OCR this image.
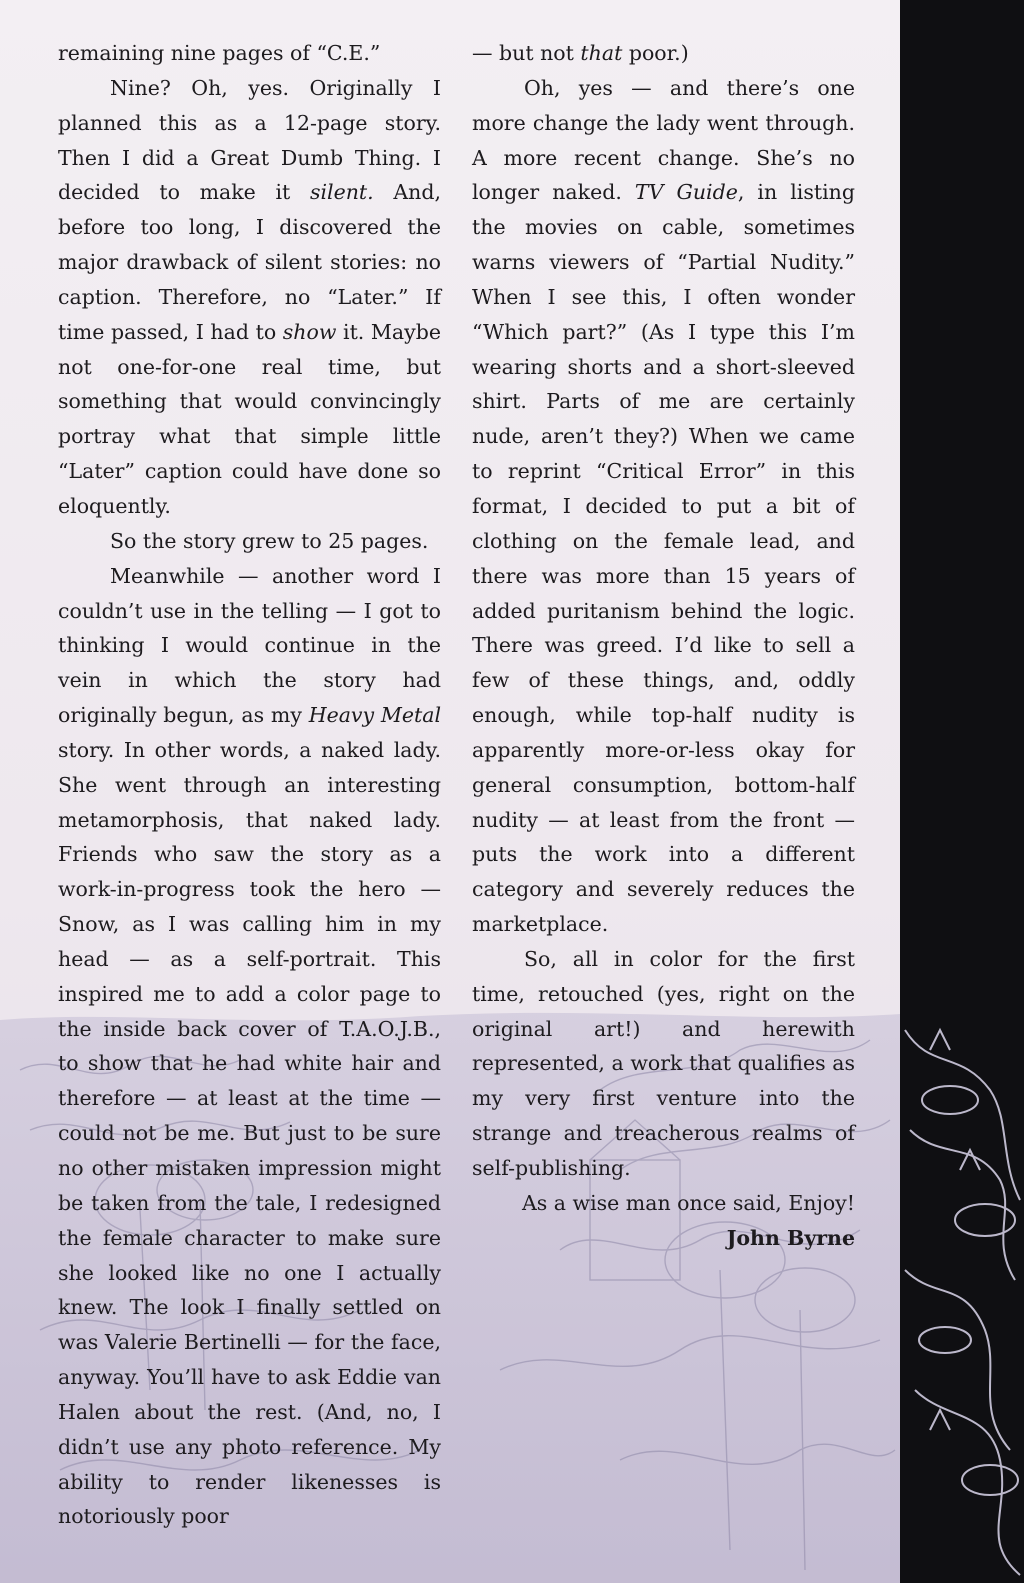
remaining nine pages of “C.E.”

Nine? Oh, yes. Originally I planned this as a 12-page story. Then I did a Great Dumb Thing. I decided to make it silent. And, before too long, I discovered the major drawback of silent stories: no caption. Therefore, no “Later.” If time passed, I had to show it. Maybe not one-for-one real time, but something that would convincingly portray what that simple little “Later” caption could have done so eloquently.

So the story grew to 25 pages.

Meanwhile — another word I couldn’t use in the telling — I got to thinking I would continue in the vein in which the story had originally begun, as my Heavy Metal story. In other words, a naked lady. She went through an interesting metamorphosis, that naked lady. Friends who saw the story as a work-in-progress took the hero — Snow, as I was calling him in my head — as a self-portrait. This inspired me to add a color page to the inside back cover of T.A.O.J.B., to show that he had white hair and therefore — at least at the time — could not be me. But just to be sure no other mistaken impression might be taken from the tale, I redesigned the female character to make sure she looked like no one I actually knew. The look I finally settled on was Valerie Bertinelli — for the face, anyway. You’ll have to ask Eddie van Halen about the rest. (And, no, I didn’t use any photo reference. My ability to render likenesses is notoriously poor

— but not that poor.)

Oh, yes — and there’s one more change the lady went through. A more recent change. She’s no longer naked. TV Guide, in listing the movies on cable, sometimes warns viewers of “Partial Nudity.” When I see this, I often wonder “Which part?” (As I type this I’m wearing shorts and a short-sleeved shirt. Parts of me are certainly nude, aren’t they?) When we came to reprint “Critical Error” in this format, I decided to put a bit of clothing on the female lead, and there was more than 15 years of added puritanism behind the logic. There was greed. I’d like to sell a few of these things, and, oddly enough, while top-half nudity is apparently more-or-less okay for general consumption, bottom-half nudity — at least from the front — puts the work into a different category and severely reduces the marketplace.

So, all in color for the first time, retouched (yes, right on the original art!) and herewith represented, a work that qualifies as my very first venture into the strange and treacherous realms of self-publishing.

As a wise man once said, Enjoy!

John Byrne
